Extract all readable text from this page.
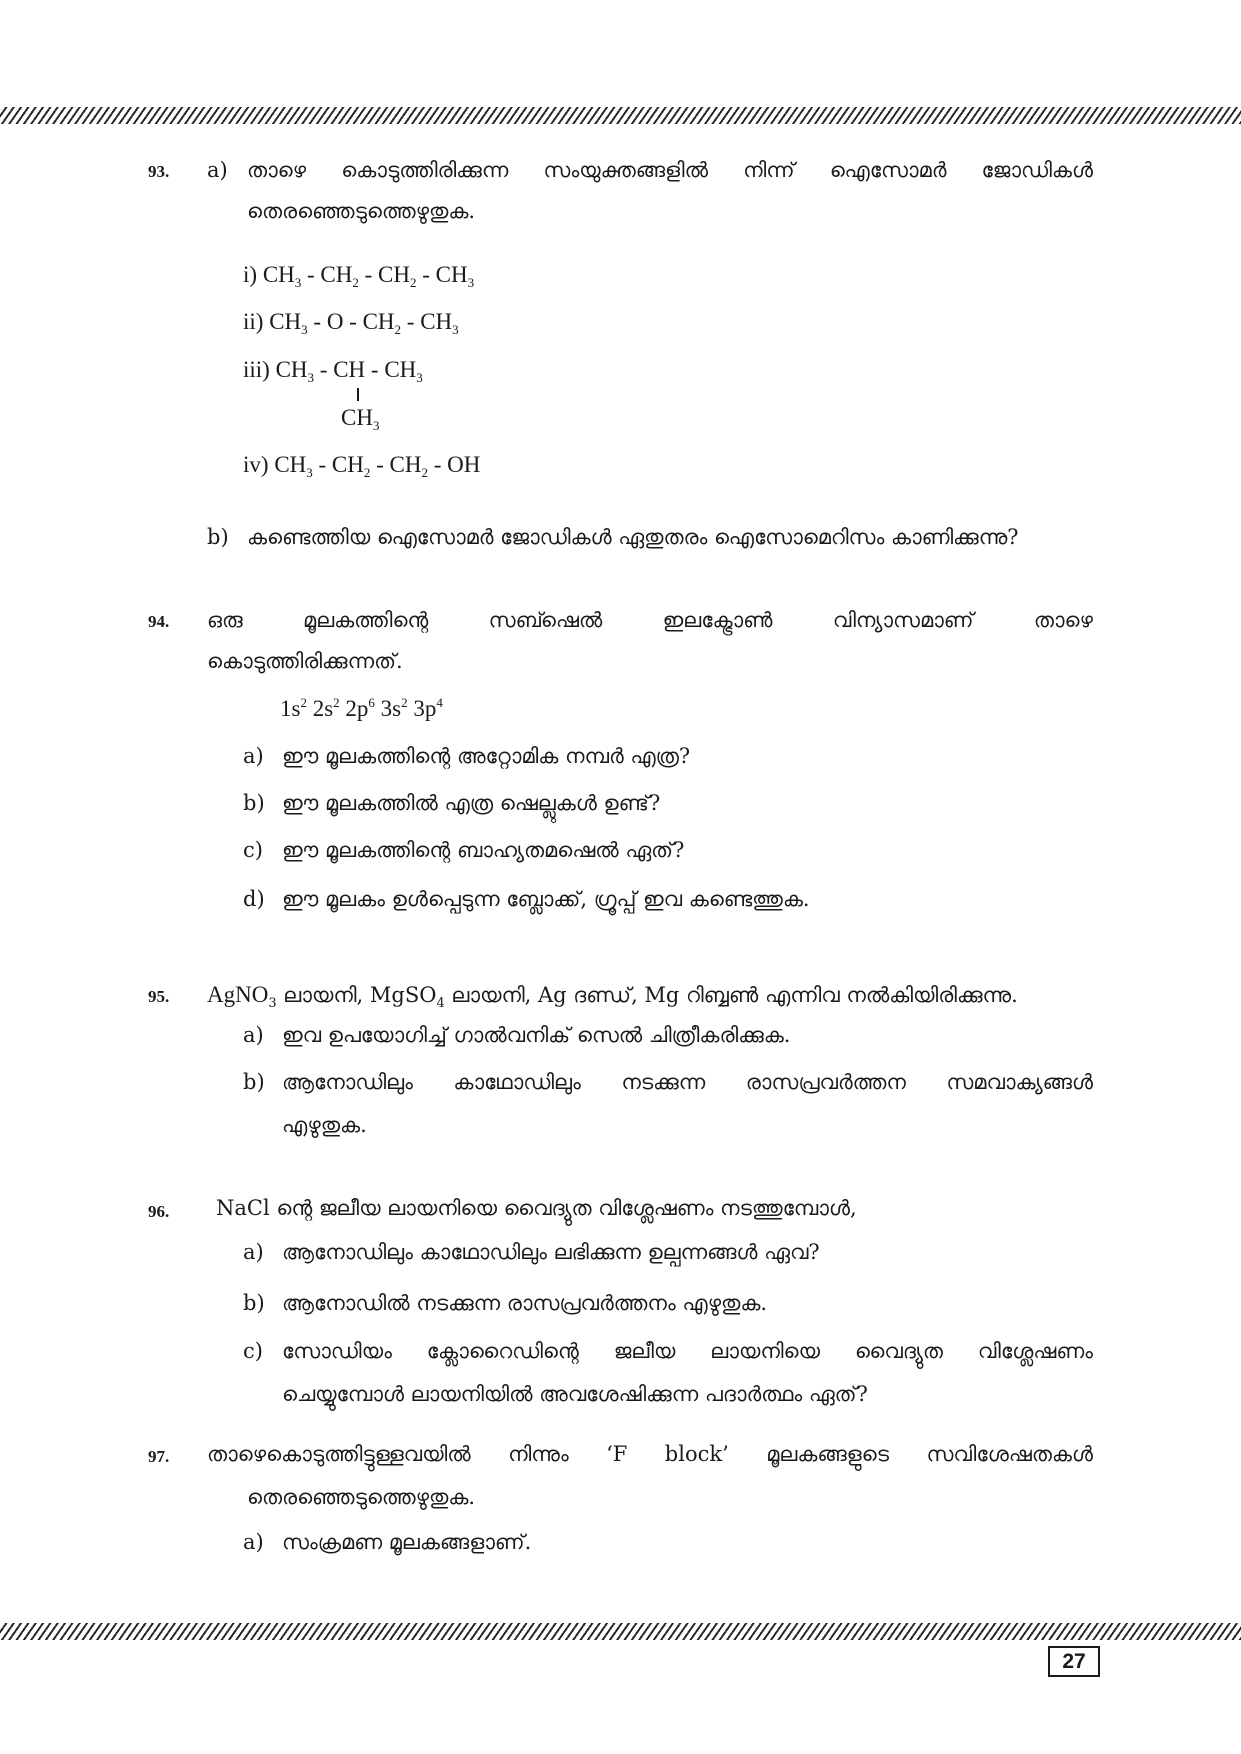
93. a) താഴെ കൊടുത്തിരിക്കുന്ന സംയുക്തങ്ങളിൽ നിന്ന് ഐസോമർ ജോഡികൾ
തെരഞ്ഞെടുത്തെഴുതുക.
i) $CH_3 - CH_2 - CH_2 - CH_3$
ii) $CH_3$ - O - $CH_2 - CH_3$
iii) $CH_3$ - CH - $CH_3$
$CH_3$
iv) $CH_3 - CH_2 - CH_2$ - OH
b) കണ്ടെത്തിയ ഐസോമർ ജോഡികൾ ഏതുതരം ഐസോമെറിസം കാണിക്കുന്നു?
94. ഒരു മൂലകത്തിന്റെ സബ്ഷെൽ ഇലക്ട്രോൺ വിന്യാസമാണ് താഴെ
കൊടുത്തിരിക്കുന്നത്.
$1s^2$ $2s^2$ $2p^6$ $3s^2$ $3p^4$
a) ഈ മൂലകത്തിന്റെ അറ്റോമിക നമ്പർ എത്ര?
b) ഈ മൂലകത്തിൽ എത്ര ഷെല്ലുകൾ ഉണ്ട്?
c) ഈ മൂലകത്തിന്റെ ബാഹ്യതമഷെൽ ഏത്?
d) ഈ മൂലകം ഉൾപ്പെടുന്ന ബ്ലോക്ക്, ഗ്രൂപ്പ് ഇവ കണ്ടെത്തുക.
95. AgNO$_3$ ലായനി, MgSO$_4$ ലായനി, Ag ദണ്ഡ്, Mg റിബ്ബൺ എന്നിവ നൽകിയിരിക്കുന്നു.
a) ഇവ ഉപയോഗിച്ച് ഗാൽവനിക് സെൽ ചിത്രീകരിക്കുക.
b) ആനോഡിലും കാഥോഡിലും നടക്കുന്ന രാസപ്രവർത്തന സമവാക്യങ്ങൾ
എഴുതുക.
96. NaCl ന്റെ ജലീയ ലായനിയെ വൈദ്യുത വിശ്ലേഷണം നടത്തുമ്പോൾ,
a) ആനോഡിലും കാഥോഡിലും ലഭിക്കുന്ന ഉല്പന്നങ്ങൾ ഏവ?
b) ആനോഡിൽ നടക്കുന്ന രാസപ്രവർത്തനം എഴുതുക.
c) സോഡിയം ക്ലോറൈഡിന്റെ ജലീയ ലായനിയെ വൈദ്യുത വിശ്ലേഷണം
ചെയ്യുമ്പോൾ ലായനിയിൽ അവശേഷിക്കുന്ന പദാർത്ഥം ഏത്?
97. താഴെകൊടുത്തിട്ടുള്ളവയിൽ നിന്നും ‘F block’ മൂലകങ്ങളുടെ സവിശേഷതകൾ
തെരഞ്ഞെടുത്തെഴുതുക.
a) സംക്രമണ മൂലകങ്ങളാണ്.
27
